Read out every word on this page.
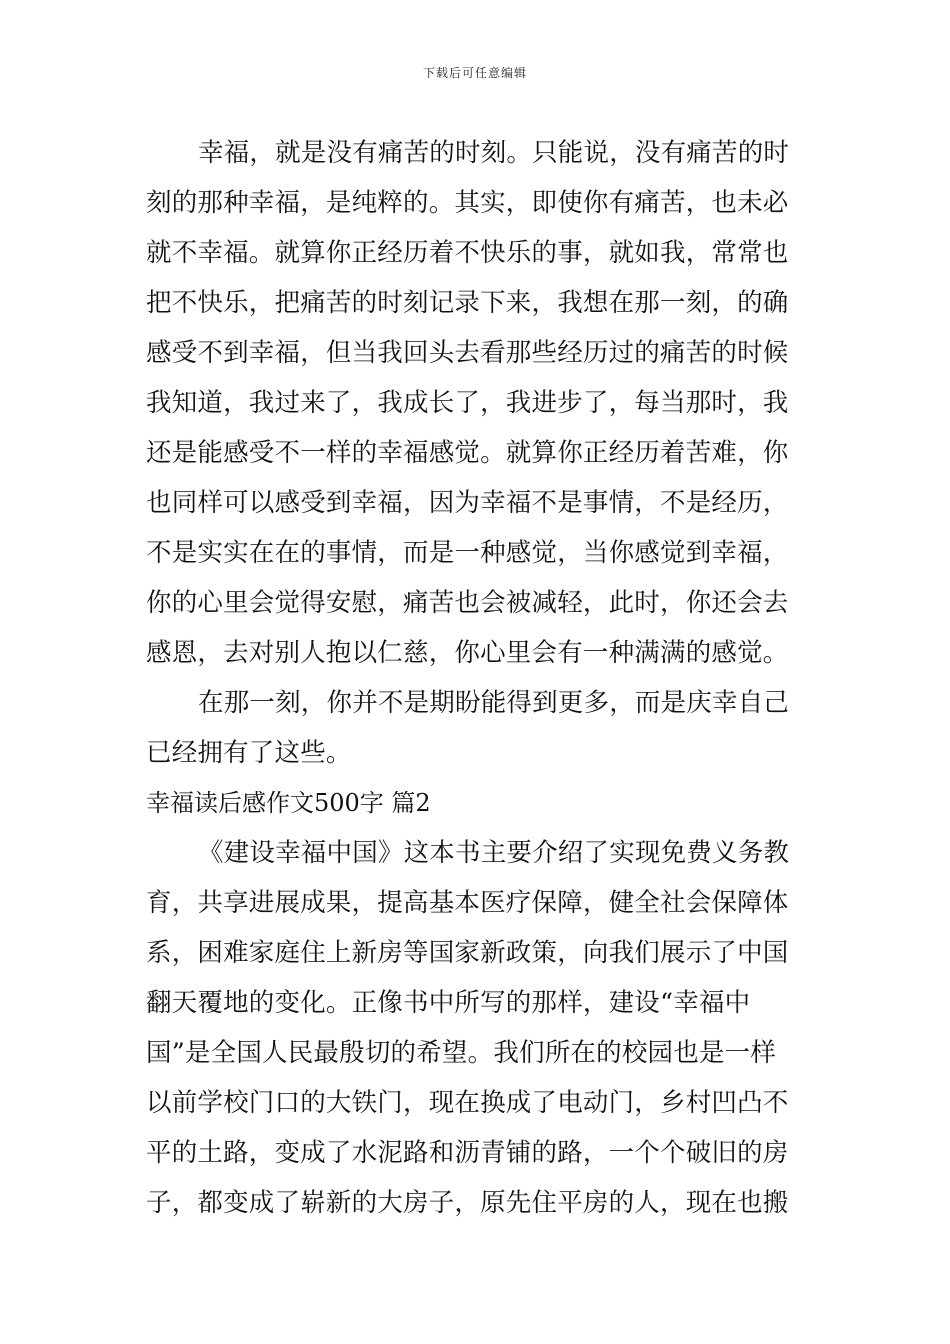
下载后可任意编辑
幸福，就是没有痛苦的时刻。只能说，没有痛苦的时
刻的那种幸福，是纯粹的。其实，即使你有痛苦，也未必
就不幸福。就算你正经历着不快乐的事，就如我，常常也
把不快乐，把痛苦的时刻记录下来，我想在那一刻，的确
感受不到幸福，但当我回头去看那些经历过的痛苦的时候
我知道，我过来了，我成长了，我进步了，每当那时，我
还是能感受不一样的幸福感觉。就算你正经历着苦难，你
也同样可以感受到幸福，因为幸福不是事情，不是经历，
不是实实在在的事情，而是一种感觉，当你感觉到幸福，
你的心里会觉得安慰，痛苦也会被减轻，此时，你还会去
感恩，去对别人抱以仁慈，你心里会有一种满满的感觉。
在那一刻，你并不是期盼能得到更多，而是庆幸自己
已经拥有了这些。
幸福读后感作文500字 篇2
《建设幸福中国》这本书主要介绍了实现免费义务教
育，共享进展成果，提高基本医疗保障，健全社会保障体
系，困难家庭住上新房等国家新政策，向我们展示了中国
翻天覆地的变化。正像书中所写的那样，建设“幸福中
国”是全国人民最殷切的希望。我们所在的校园也是一样
以前学校门口的大铁门，现在换成了电动门，乡村凹凸不
平的土路，变成了水泥路和沥青铺的路，一个个破旧的房
子，都变成了崭新的大房子，原先住平房的人，现在也搬
